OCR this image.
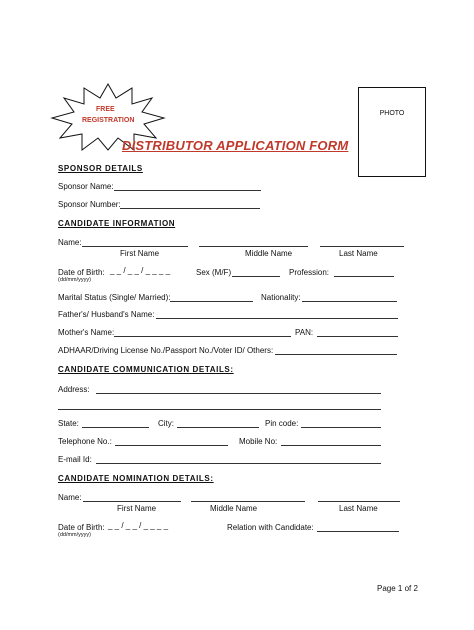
FREE
REGISTRATION
PHOTO
DISTRIBUTOR APPLICATION FORM
SPONSOR DETAILS
Sponsor Name:
Sponsor Number:
CANDIDATE INFORMATION
Name:
First Name	Middle Name	Last Name
Date of Birth: _ _ / _ _ / _ _ _ _
(dd/mm/yyyy)
Sex (M/F)	Profession:
Marital Status (Single/ Married):	Nationality:
Father's/ Husband's Name:
Mother's Name:	PAN:
ADHAAR/Driving License No./Passport No./Voter ID/ Others:
CANDIDATE COMMUNICATION DETAILS:
Address:
State:	City:	Pin code:
Telephone No.:	Mobile No:
E-mail Id:
CANDIDATE NOMINATION DETAILS:
Name:
First Name	Middle Name	Last Name
Date of Birth: _ _ / _ _ / _ _ _ _
(dd/mm/yyyy)
Relation with Candidate:
Page 1 of 2
